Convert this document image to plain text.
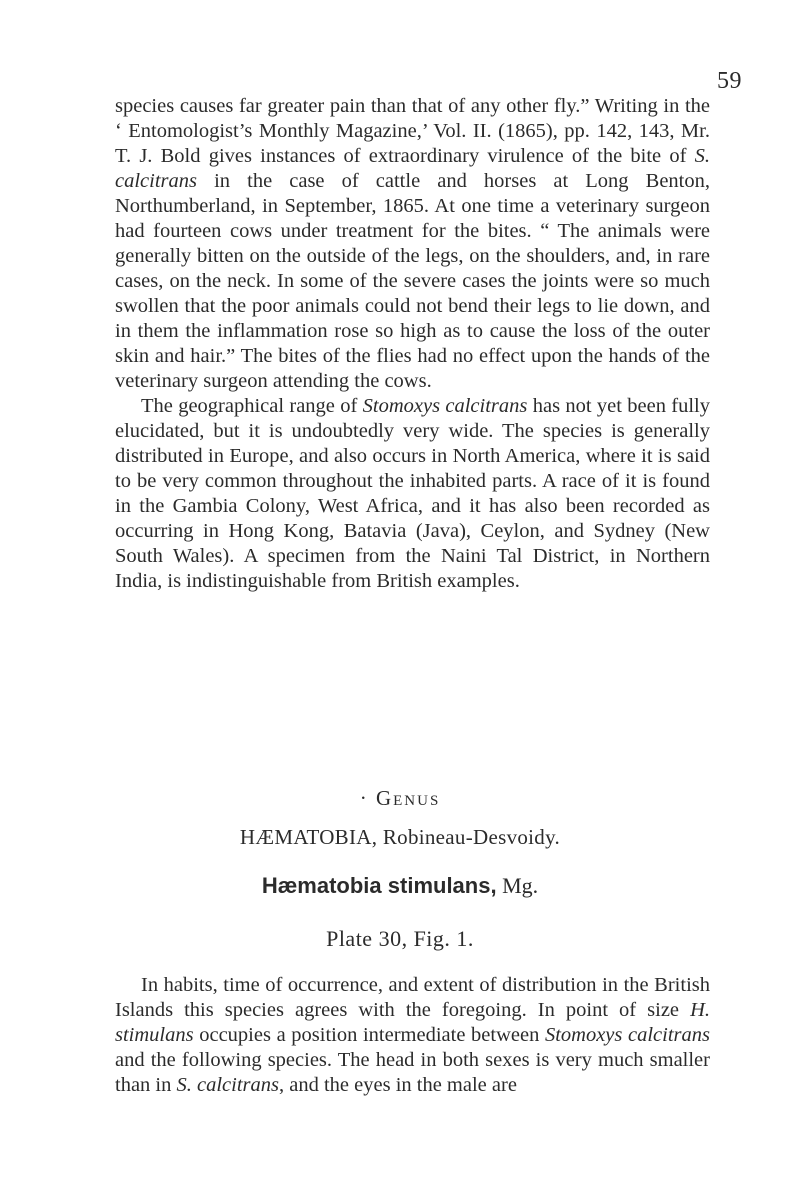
59

species causes far greater pain than that of any other fly.” Writing in the ‘ Entomologist’s Monthly Magazine,’ Vol. II. (1865), pp. 142, 143, Mr. T. J. Bold gives instances of extraordinary virulence of the bite of S. calcitrans in the case of cattle and horses at Long Benton, Northumberland, in September, 1865. At one time a veterinary surgeon had fourteen cows under treatment for the bites. “ The animals were generally bitten on the outside of the legs, on the shoulders, and, in rare cases, on the neck. In some of the severe cases the joints were so much swollen that the poor animals could not bend their legs to lie down, and in them the inflammation rose so high as to cause the loss of the outer skin and hair.” The bites of the flies had no effect upon the hands of the veterinary surgeon attending the cows.

The geographical range of Stomoxys calcitrans has not yet been fully elucidated, but it is undoubtedly very wide. The species is generally distributed in Europe, and also occurs in North America, where it is said to be very common throughout the inhabited parts. A race of it is found in the Gambia Colony, West Africa, and it has also been recorded as occurring in Hong Kong, Batavia (Java), Ceylon, and Sydney (New South Wales). A specimen from the Naini Tal District, in Northern India, is indistinguishable from British examples.

· Genus
HÆMATOBIA, Robineau-Desvoidy.
Hæmatobia stimulans, Mg.
Plate 30, Fig. 1.

In habits, time of occurrence, and extent of distribution in the British Islands this species agrees with the foregoing. In point of size H. stimulans occupies a position intermediate between Stomoxys calcitrans and the following species. The head in both sexes is very much smaller than in S. calcitrans, and the eyes in the male are
